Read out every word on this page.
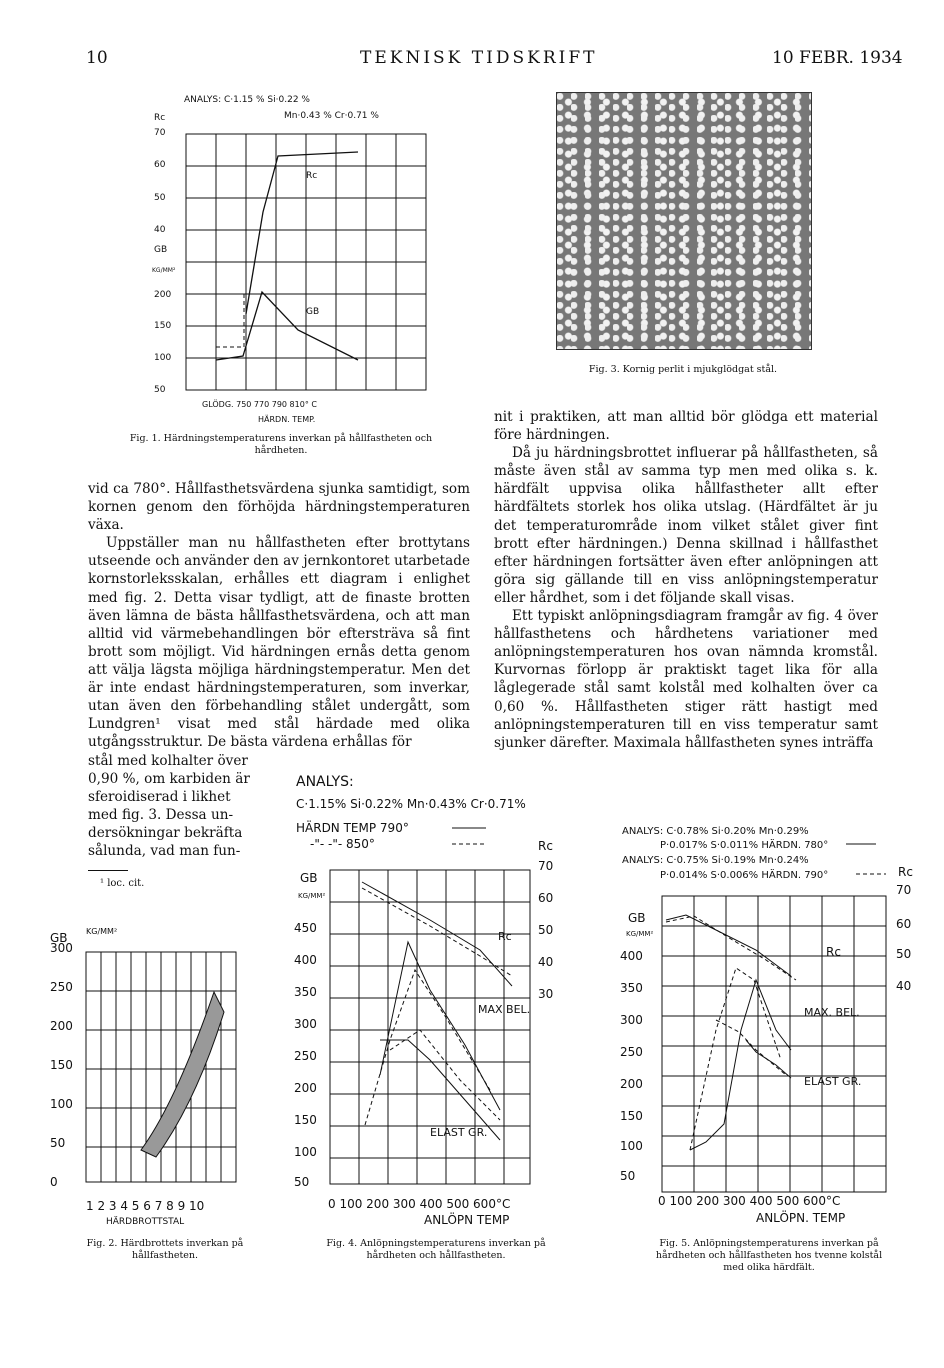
10	TEKNISK TIDSKRIFT	10 FEBR. 1934
ANALYS: C·1.15 % Si·0.22 %
Mn·0.43 % Cr·0.71 %
Rc
70
60
50
40
GB
KG/MM²
200
150
100
50
Rc
GB
GLÖDG. 750 770 790 810° C
HÄRDN. TEMP.
Fig. 1. Härdningstemperaturens inverkan på hållfastheten och hårdheten.
Fig. 3. Kornig perlit i mjukglödgat stål.

vid ca 780°. Hållfasthetsvärdena sjunka samtidigt, som kornen genom den förhöjda härdningstemperaturen växa.

Uppställer man nu hållfastheten efter brottytans utseende och använder den av jernkontoret utarbetade kornstorleksskalan, erhålles ett diagram i enlighet med fig. 2. Detta visar tydligt, att de finaste brotten även lämna de bästa hållfasthetsvärdena, och att man alltid vid värmebehandlingen bör eftersträva så fint brott som möjligt. Vid härdningen ernås detta genom att välja lägsta möjliga härdningstemperatur. Men det är inte endast härdningstemperaturen, som inverkar, utan även den förbehandling stålet undergått, som Lundgren¹ visat med stål härdade med olika utgångsstruktur. De bästa värdena erhållas för

stål med kolhalter över
0,90 %, om karbiden är
sferoidiserad i likhet
med fig. 3. Dessa un-
dersökningar bekräfta
sålunda, vad man fun-
¹ loc. cit.

nit i praktiken, att man alltid bör glödga ett material före härdningen.

Då ju härdningsbrottet influerar på hållfastheten, så måste även stål av samma typ men med olika s. k. härdfält uppvisa olika hållfastheter allt efter härdfältets storlek hos olika utslag. (Härdfältet är ju det temperaturområde inom vilket stålet giver fint brott efter härdningen.) Denna skillnad i hållfasthet efter härdningen fortsätter även efter anlöpningen att göra sig gällande till en viss anlöpningstemperatur eller hårdhet, som i det följande skall visas.

Ett typiskt anlöpningsdiagram framgår av fig. 4 över hållfasthetens och hårdhetens variationer med anlöpningstemperaturen hos ovan nämnda kromstål. Kurvornas förlopp är praktiskt taget lika för alla låglegerade stål samt kolstål med kolhalten över ca 0,60 %. Hållfastheten stiger rätt hastigt med anlöpningstemperaturen till en viss temperatur samt sjunker därefter. Maximala hållfastheten synes inträffa

GB KG/MM²
300
250
200
150
100
50
0
1 2 3 4 5 6 7 8 9 10
HÄRDBROTTSTAL
Fig. 2. Härdbrottets inverkan på hållfastheten.
ANALYS:
C·1.15% Si·0.22% Mn·0.43% Cr·0.71%
HÄRDN TEMP 790°
-"- -"- 850°
GB
KG/MM²
450
400
350
300
250
200
150
100
50
Rc
70
60
50
40
30
Rc
MAX BEL.
ELAST GR.
0 100 200 300 400 500 600°C
ANLÖPN TEMP
Fig. 4. Anlöpningstemperaturens inverkan på hårdheten och hållfastheten.
ANALYS: C·0.78% Si·0.20% Mn·0.29%
P·0.017% S·0.011% HÄRDN. 780°
ANALYS: C·0.75% Si·0.19% Mn·0.24%
P·0.014% S·0.006% HÄRDN. 790°
GB
KG/MM²
400
350
300
250
200
150
100
50
Rc
70
60
50
40
Rc
MAX. BEL.
ELAST GR.
0 100 200 300 400 500 600°C
ANLÖPN. TEMP
Fig. 5. Anlöpningstemperaturens inverkan på hårdheten och hållfastheten hos tvenne kolstål med olika härdfält.
